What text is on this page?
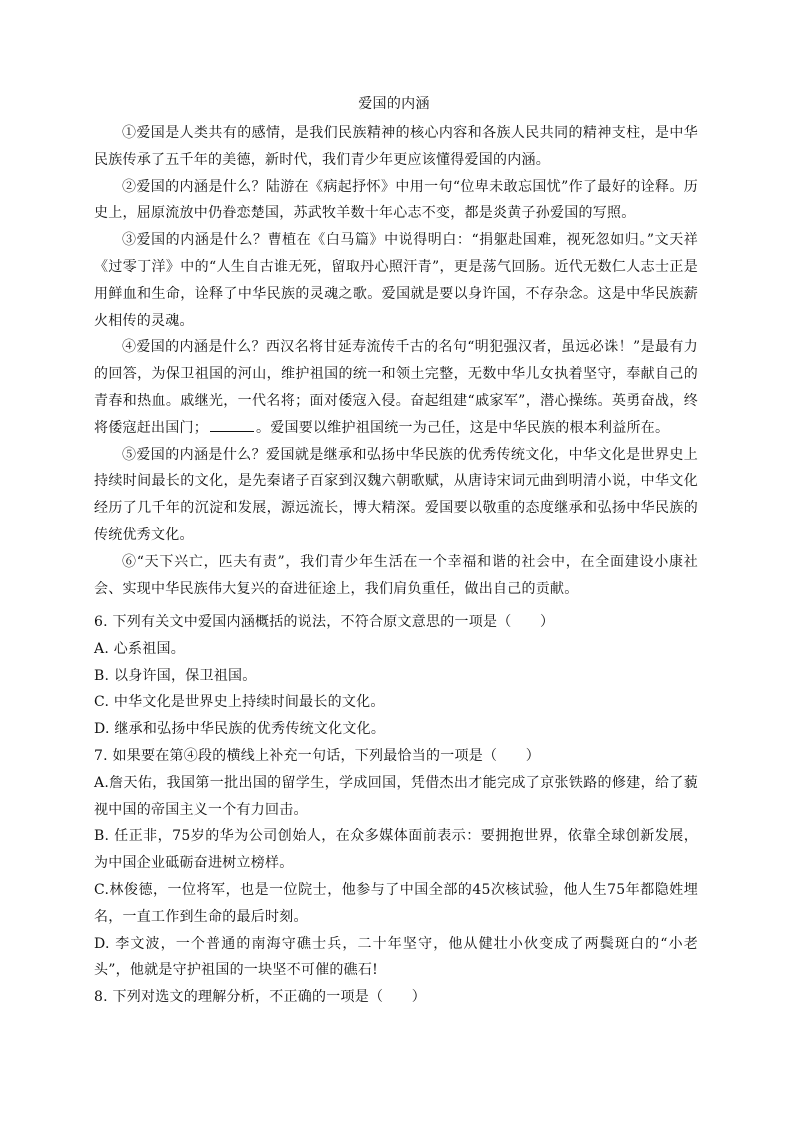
爱国的内涵

①爱国是人类共有的感情，是我们民族精神的核心内容和各族人民共同的精神支柱，是中华民族传承了五千年的美德，新时代，我们青少年更应该懂得爱国的内涵。

②爱国的内涵是什么？陆游在《病起抒怀》中用一句“位卑未敢忘国忧”作了最好的诠释。历史上，屈原流放中仍眷恋楚国，苏武牧羊数十年心志不变，都是炎黄子孙爱国的写照。

③爱国的内涵是什么？曹植在《白马篇》中说得明白：“捐躯赴国难，视死忽如归。”文天祥《过零丁洋》中的“人生自古谁无死，留取丹心照汗青”，更是荡气回肠。近代无数仁人志士正是用鲜血和生命，诠释了中华民族的灵魂之歌。爱国就是要以身许国，不存杂念。这是中华民族薪火相传的灵魂。

④爱国的内涵是什么？西汉名将甘延寿流传千古的名句“明犯强汉者，虽远必诛！”是最有力的回答，为保卫祖国的河山，维护祖国的统一和领土完整，无数中华儿女执着坚守，奉献自己的青春和热血。戚继光，一代名将；面对倭寇入侵。奋起组建“戚家军”，潜心操练。英勇奋战，终将倭寇赶出国门；	。爱国要以维护祖国统一为己任，这是中华民族的根本利益所在。

⑤爱国的内涵是什么？爱国就是继承和弘扬中华民族的优秀传统文化，中华文化是世界史上持续时间最长的文化，是先秦诸子百家到汉魏六朝歌赋，从唐诗宋词元曲到明清小说，中华文化经历了几千年的沉淀和发展，源远流长，博大精深。爱国要以敬重的态度继承和弘扬中华民族的传统优秀文化。

⑥“天下兴亡，匹夫有责”，我们青少年生活在一个幸福和谐的社会中，在全面建设小康社会、实现中华民族伟大复兴的奋进征途上，我们肩负重任，做出自己的贡献。

6. 下列有关文中爱国内涵概括的说法，不符合原文意思的一项是（　　）

A. 心系祖国。

B. 以身许国，保卫祖国。

C. 中华文化是世界史上持续时间最长的文化。

D. 继承和弘扬中华民族的优秀传统文化文化。

7. 如果要在第④段的横线上补充一句话，下列最恰当的一项是（　　）

A.詹天佑，我国第一批出国的留学生，学成回国，凭借杰出才能完成了京张铁路的修建，给了藐视中国的帝国主义一个有力回击。

B. 任正非，75岁的华为公司创始人，在众多媒体面前表示：要拥抱世界，依靠全球创新发展，为中国企业砥砺奋进树立榜样。

C.林俊德，一位将军，也是一位院士，他参与了中国全部的45次核试验，他人生75年都隐姓埋名，一直工作到生命的最后时刻。

D. 李文波，一个普通的南海守礁士兵，二十年坚守，他从健壮小伙变成了两鬓斑白的“小老头”，他就是守护祖国的一块坚不可催的礁石!

8. 下列对选文的理解分析，不正确的一项是（　　）
